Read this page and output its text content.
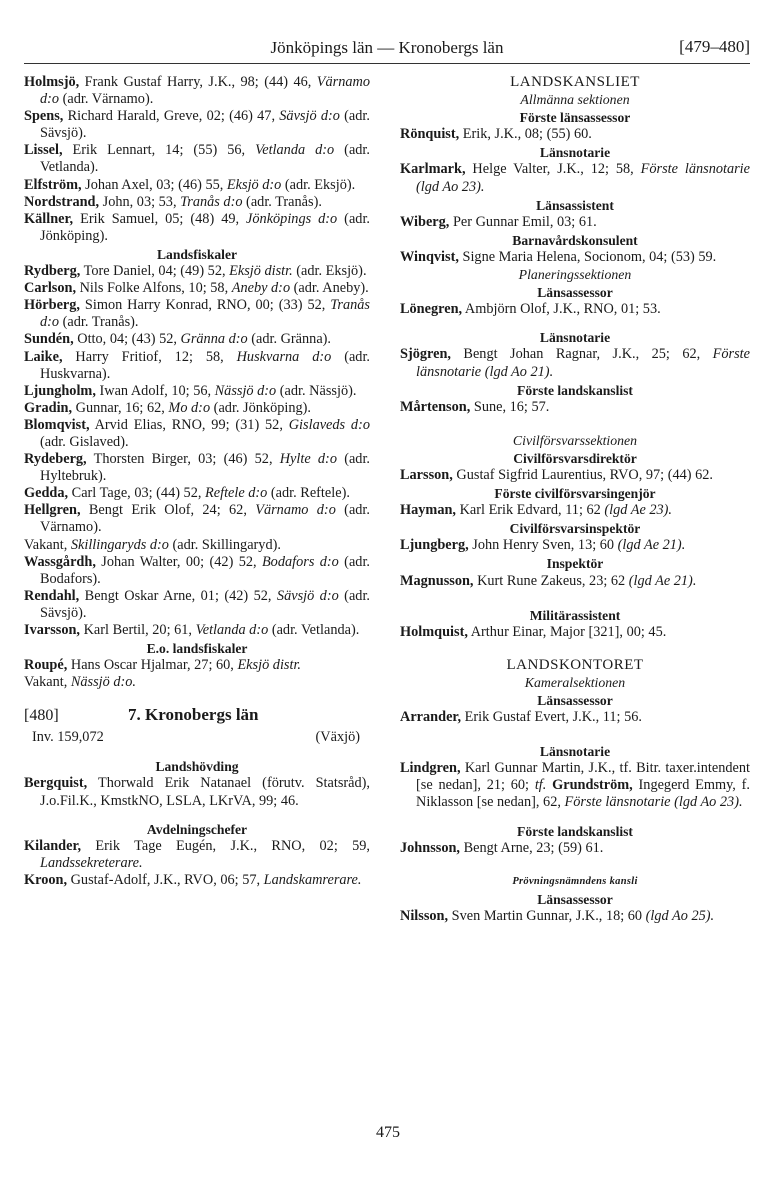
Jönköpings län — Kronobergs län	[479–480]
Holmsjö, Frank Gustaf Harry, J.K., 98; (44) 46, Värnamo d:o (adr. Värnamo).
Spens, Richard Harald, Greve, 02; (46) 47, Sävsjö d:o (adr. Sävsjö).
Lissel, Erik Lennart, 14; (55) 56, Vetlanda d:o (adr. Vetlanda).
Elfström, Johan Axel, 03; (46) 55, Eksjö d:o (adr. Eksjö).
Nordstrand, John, 03; 53, Tranås d:o (adr. Tranås).
Källner, Erik Samuel, 05; (48) 49, Jönköpings d:o (adr. Jönköping).
Landsfiskaler
Rydberg, Tore Daniel, 04; (49) 52, Eksjö distr. (adr. Eksjö).
Carlson, Nils Folke Alfons, 10; 58, Aneby d:o (adr. Aneby).
Hörberg, Simon Harry Konrad, RNO, 00; (33) 52, Tranås d:o (adr. Tranås).
Sundén, Otto, 04; (43) 52, Gränna d:o (adr. Gränna).
Laike, Harry Fritiof, 12; 58, Huskvarna d:o (adr. Huskvarna).
Ljungholm, Iwan Adolf, 10; 56, Nässjö d:o (adr. Nässjö).
Gradin, Gunnar, 16; 62, Mo d:o (adr. Jönköping).
Blomqvist, Arvid Elias, RNO, 99; (31) 52, Gislaveds d:o (adr. Gislaved).
Rydeberg, Thorsten Birger, 03; (46) 52, Hylte d:o (adr. Hyltebruk).
Gedda, Carl Tage, 03; (44) 52, Reftele d:o (adr. Reftele).
Hellgren, Bengt Erik Olof, 24; 62, Värnamo d:o (adr. Värnamo).
Vakant, Skillingaryds d:o (adr. Skillingaryd).
Wassgårdh, Johan Walter, 00; (42) 52, Bodafors d:o (adr. Bodafors).
Rendahl, Bengt Oskar Arne, 01; (42) 52, Sävsjö d:o (adr. Sävsjö).
Ivarsson, Karl Bertil, 20; 61, Vetlanda d:o (adr. Vetlanda).
E.o. landsfiskaler
Roupé, Hans Oscar Hjalmar, 27; 60, Eksjö distr.
Vakant, Nässjö d:o.
[480]	7. Kronobergs län
Inv. 159,072	(Växjö)
Landshövding
Bergquist, Thorwald Erik Natanael (förutv. Statsråd), J.o.Fil.K., KmstkNO, LSLA, LKrVA, 99; 46.
Avdelningschefer
Kilander, Erik Tage Eugén, J.K., RNO, 02; 59, Landssekreterare.
Kroon, Gustaf-Adolf, J.K., RVO, 06; 57, Landskamrerare.
LANDSKANSLIET
Allmänna sektionen
Förste länsassessor
Rönquist, Erik, J.K., 08; (55) 60.
Länsnotarie
Karlmark, Helge Valter, J.K., 12; 58, Förste länsnotarie (lgd Ao 23).
Länsassistent
Wiberg, Per Gunnar Emil, 03; 61.
Barnavårdskonsulent
Winqvist, Signe Maria Helena, Socionom, 04; (53) 59.
Planeringssektionen
Länsassessor
Lönegren, Ambjörn Olof, J.K., RNO, 01; 53.
Länsnotarie
Sjögren, Bengt Johan Ragnar, J.K., 25; 62, Förste länsnotarie (lgd Ao 21).
Förste landskanslist
Mårtenson, Sune, 16; 57.
Civilförsvarssektionen
Civilförsvarsdirektör
Larsson, Gustaf Sigfrid Laurentius, RVO, 97; (44) 62.
Förste civilförsvarsingenjör
Hayman, Karl Erik Edvard, 11; 62 (lgd Ae 23).
Civilförsvarsinspektör
Ljungberg, John Henry Sven, 13; 60 (lgd Ae 21).
Inspektör
Magnusson, Kurt Rune Zakeus, 23; 62 (lgd Ae 21).
Militärassistent
Holmquist, Arthur Einar, Major [321], 00; 45.
LANDSKONTORET
Kameralsektionen
Länsassessor
Arrander, Erik Gustaf Evert, J.K., 11; 56.
Länsnotarie
Lindgren, Karl Gunnar Martin, J.K., tf. Bitr. taxer.intendent [se nedan], 21; 60; tf. Grundström, Ingegerd Emmy, f. Niklasson [se nedan], 62, Förste länsnotarie (lgd Ao 23).
Förste landskanslist
Johnsson, Bengt Arne, 23; (59) 61.
Prövningsnämndens kansli
Länsassessor
Nilsson, Sven Martin Gunnar, J.K., 18; 60 (lgd Ao 25).
475
